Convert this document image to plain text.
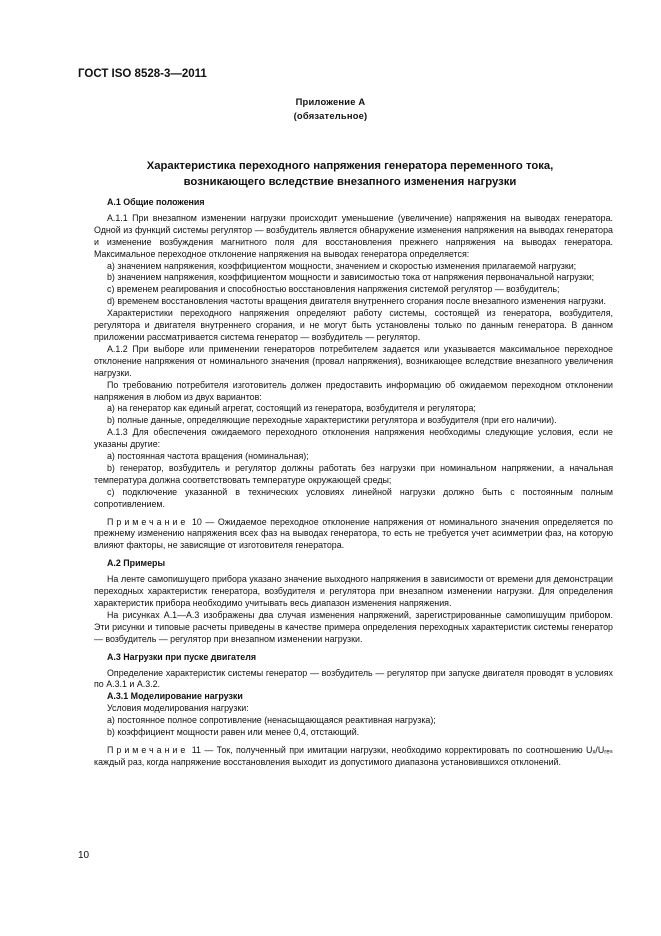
ГОСТ ISO 8528-3—2011
Приложение А
(обязательное)
Характеристика переходного напряжения генератора переменного тока,
возникающего вследствие внезапного изменения нагрузки

А.1 Общие положения

А.1.1 При внезапном изменении нагрузки происходит уменьшение (увеличение) напряжения на выводах генератора. Одной из функций системы регулятор — возбудитель является обнаружение изменения напряжения на выводах генератора и изменение возбуждения магнитного поля для восстановления прежнего напряжения на выводах генератора. Максимальное переходное отклонение напряжения на выводах генератора определяется:

а) значением напряжения, коэффициентом мощности, значением и скоростью изменения прилагаемой нагрузки;

b) значением напряжения, коэффициентом мощности и зависимостью тока от напряжения первоначальной нагрузки;

с) временем реагирования и способностью восстановления напряжения системой регулятор — возбудитель;

d) временем восстановления частоты вращения двигателя внутреннего сгорания после внезапного изменения нагрузки.

Характеристики переходного напряжения определяют работу системы, состоящей из генератора, возбудителя, регулятора и двигателя внутреннего сгорания, и не могут быть установлены только по данным генератора. В данном приложении рассматривается система генератор — возбудитель — регулятор.

А.1.2 При выборе или применении генераторов потребителем задается или указывается максимальное переходное отклонение напряжения от номинального значения (провал напряжения), возникающее вследствие внезапного увеличения нагрузки.

По требованию потребителя изготовитель должен предоставить информацию об ожидаемом переходном отклонении напряжения в любом из двух вариантов:

а) на генератор как единый агрегат, состоящий из генератора, возбудителя и регулятора;

b) полные данные, определяющие переходные характеристики регулятора и возбудителя (при его наличии).

А.1.3 Для обеспечения ожидаемого переходного отклонения напряжения необходимы следующие условия, если не указаны другие:

а) постоянная частота вращения (номинальная);

b) генератор, возбудитель и регулятор должны работать без нагрузки при номинальном напряжении, а начальная температура должна соответствовать температуре окружающей среды;

с) подключение указанной в технических условиях линейной нагрузки должно быть с постоянным полным сопротивлением.

Примечание 10 — Ожидаемое переходное отклонение напряжения от номинального значения определяется по прежнему изменению напряжения всех фаз на выводах генератора, то есть не требуется учет асимметрии фаз, на которую влияют факторы, не зависящие от изготовителя генератора.

А.2 Примеры

На ленте самопишущего прибора указано значение выходного напряжения в зависимости от времени для демонстрации переходных характеристик генератора, возбудителя и регулятора при внезапном изменении нагрузки. Для определения характеристик прибора необходимо учитывать весь диапазон изменения напряжения.

На рисунках А.1—А.3 изображены два случая изменения напряжений, зарегистрированные самопишущим прибором. Эти рисунки и типовые расчеты приведены в качестве примера определения переходных характеристик системы генератор — возбудитель — регулятор при внезапном изменении нагрузки.

А.3 Нагрузки при пуске двигателя

Определение характеристик системы генератор — возбудитель — регулятор при запуске двигателя проводят в условиях по А.3.1 и А.3.2.

А.3.1 Моделирование нагрузки

Условия моделирования нагрузки:

а) постоянное полное сопротивление (ненасыщающаяся реактивная нагрузка);

b) коэффициент мощности равен или менее 0,4, отстающий.

Примечание 11 — Ток, полученный при имитации нагрузки, необходимо корректировать по соотношению Uₓ/Uᵣₑₛ каждый раз, когда напряжение восстановления выходит из допустимого диапазона установившихся отклонений.

10
